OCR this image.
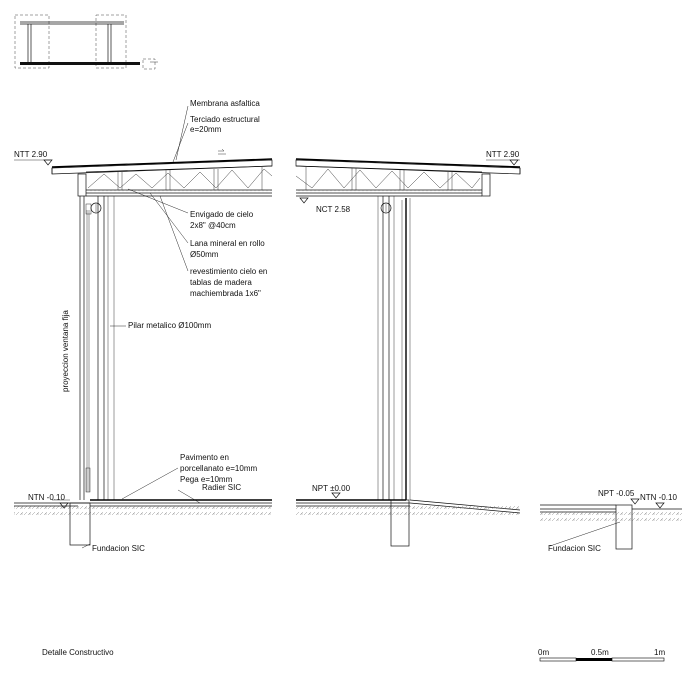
NTT 2.90	NTT 2.90
NCT 2.58
NPT ±0.00
NTN -0.10	NPT -0.05 NTN -0.10
Membrana asfaltica
Terciado estructural
e=20mm
Envigado de cielo
2x8" @40cm
Lana mineral en rollo
Ø50mm
revestimiento cielo en
tablas de madera
machiembrada 1x6"
Pilar metalico Ø100mm
proyeccion ventana fija
Pavimento en
porcellanato e=10mm
Pega e=10mm
Radier SIC
Fundacion SIC	Fundacion SIC
Detalle Constructivo	0m	0.5m	1m
